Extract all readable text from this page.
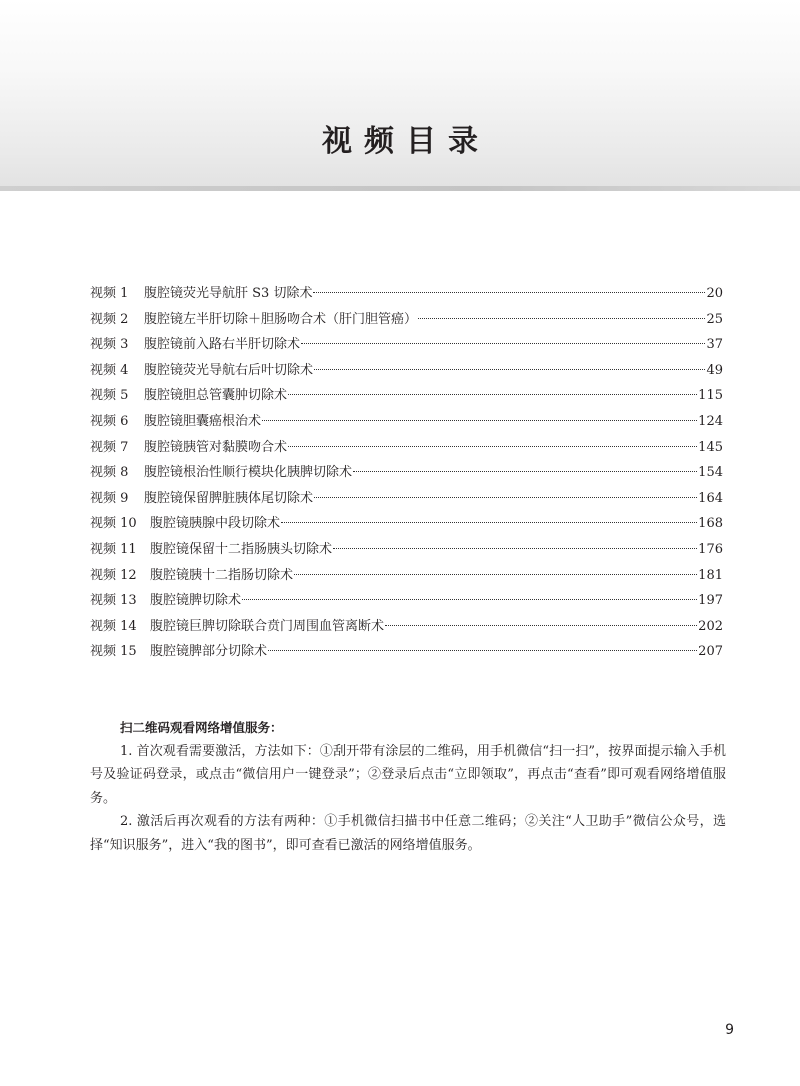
视频目录
视频 1	腹腔镜荧光导航肝 S3 切除术	20
视频 2	腹腔镜左半肝切除＋胆肠吻合术（肝门胆管癌）	25
视频 3	腹腔镜前入路右半肝切除术	37
视频 4	腹腔镜荧光导航右后叶切除术	49
视频 5	腹腔镜胆总管囊肿切除术	115
视频 6	腹腔镜胆囊癌根治术	124
视频 7	腹腔镜胰管对黏膜吻合术	145
视频 8	腹腔镜根治性顺行模块化胰脾切除术	154
视频 9	腹腔镜保留脾脏胰体尾切除术	164
视频 10	腹腔镜胰腺中段切除术	168
视频 11	腹腔镜保留十二指肠胰头切除术	176
视频 12	腹腔镜胰十二指肠切除术	181
视频 13	腹腔镜脾切除术	197
视频 14	腹腔镜巨脾切除联合贲门周围血管离断术	202
视频 15	腹腔镜脾部分切除术	207
扫二维码观看网络增值服务：

1. 首次观看需要激活，方法如下：①刮开带有涂层的二维码，用手机微信“扫一扫”，按界面提示输入手机号及验证码登录，或点击“微信用户一键登录”；②登录后点击“立即领取”，再点击“查看”即可观看网络增值服务。

2. 激活后再次观看的方法有两种：①手机微信扫描书中任意二维码；②关注“人卫助手”微信公众号，选择“知识服务”，进入“我的图书”，即可查看已激活的网络增值服务。

9
